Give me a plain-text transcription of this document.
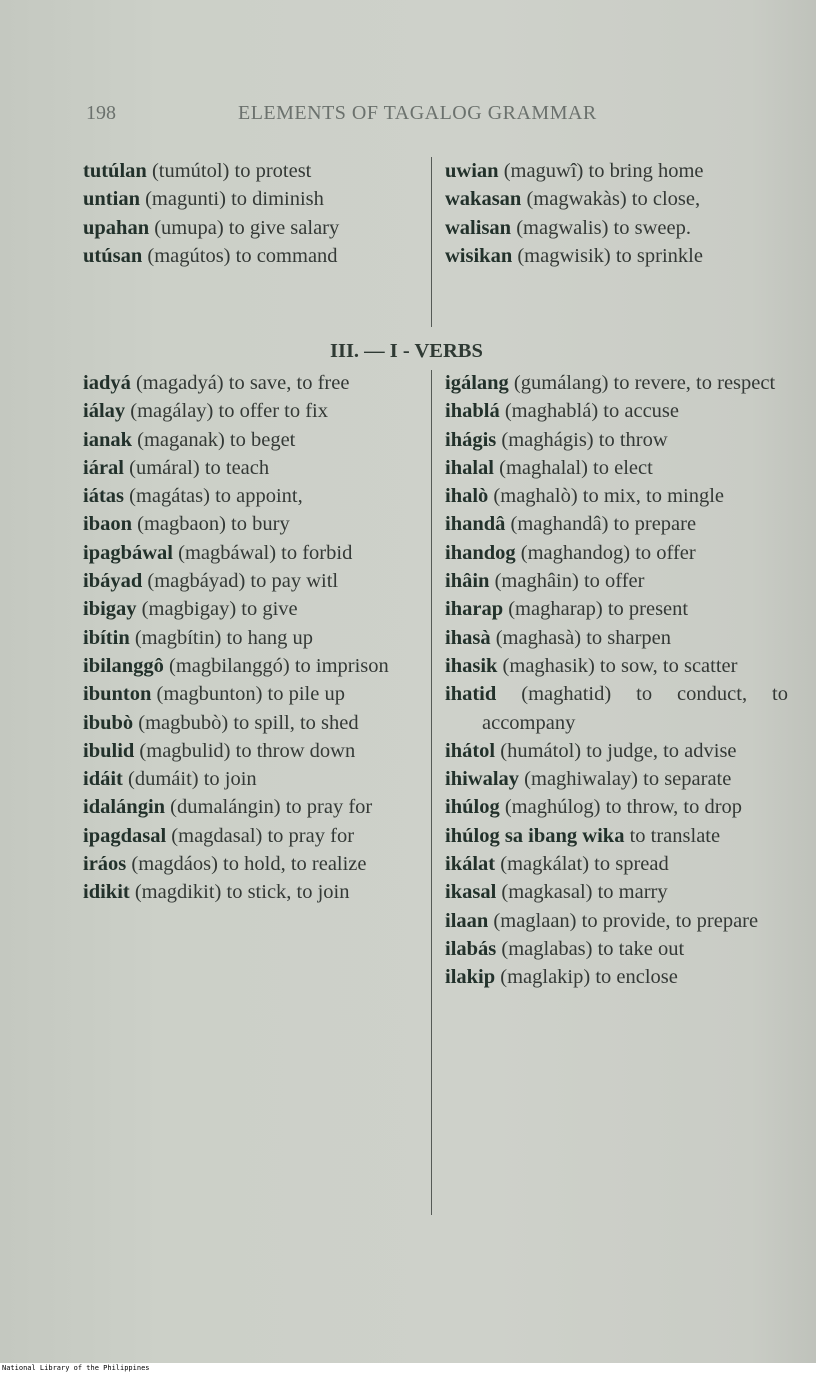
198	ELEMENTS OF TAGALOG GRAMMAR
tutúlan (tumútol) to protest
untian (magunti) to diminish
upahan (umupa) to give salary
utúsan (magútos) to command
uwian (maguwî) to bring home
wakasan (magwakàs) to close,
walisan (magwalis) to sweep.
wisikan (magwisik) to sprinkle
III. — I - VERBS
iadyá (magadyá) to save, to free
iálay (magálay) to offer to fix
ianak (maganak) to beget
iáral (umáral) to teach
iátas (magátas) to appoint,
ibaon (magbaon) to bury
ipagbáwal (magbáwal) to forbid
ibáyad (magbáyad) to pay witl
ibigay (magbigay) to give
ibítin (magbítin) to hang up
ibilanggô (magbilanggó) to imprison
ibunton (magbunton) to pile up
ibubò (magbubò) to spill, to shed
ibulid (magbulid) to throw down
idáit (dumáit) to join
idalángin (dumalángin) to pray for
ipagdasal (magdasal) to pray for
iráos (magdáos) to hold, to realize
idikit (magdikit) to stick, to join
igálang (gumálang) to revere, to respect
ihablá (maghablá) to accuse
ihágis (maghágis) to throw
ihalal (maghalal) to elect
ihalò (maghalò) to mix, to mingle
ihandâ (maghandâ) to prepare
ihandog (maghandog) to offer
ihâin (maghâin) to offer
iharap (magharap) to present
ihasà (maghasà) to sharpen
ihasik (maghasik) to sow, to scatter
ihatid (maghatid) to conduct, to accompany
ihátol (humátol) to judge, to advise
ihiwalay (maghiwalay) to separate
ihúlog (maghúlog) to throw, to drop
ihúlog sa ibang wika to translate
ikálat (magkálat) to spread
ikasal (magkasal) to marry
ilaan (maglaan) to provide, to prepare
ilabás (maglabas) to take out
ilakip (maglakip) to enclose
National Library of the Philippines
